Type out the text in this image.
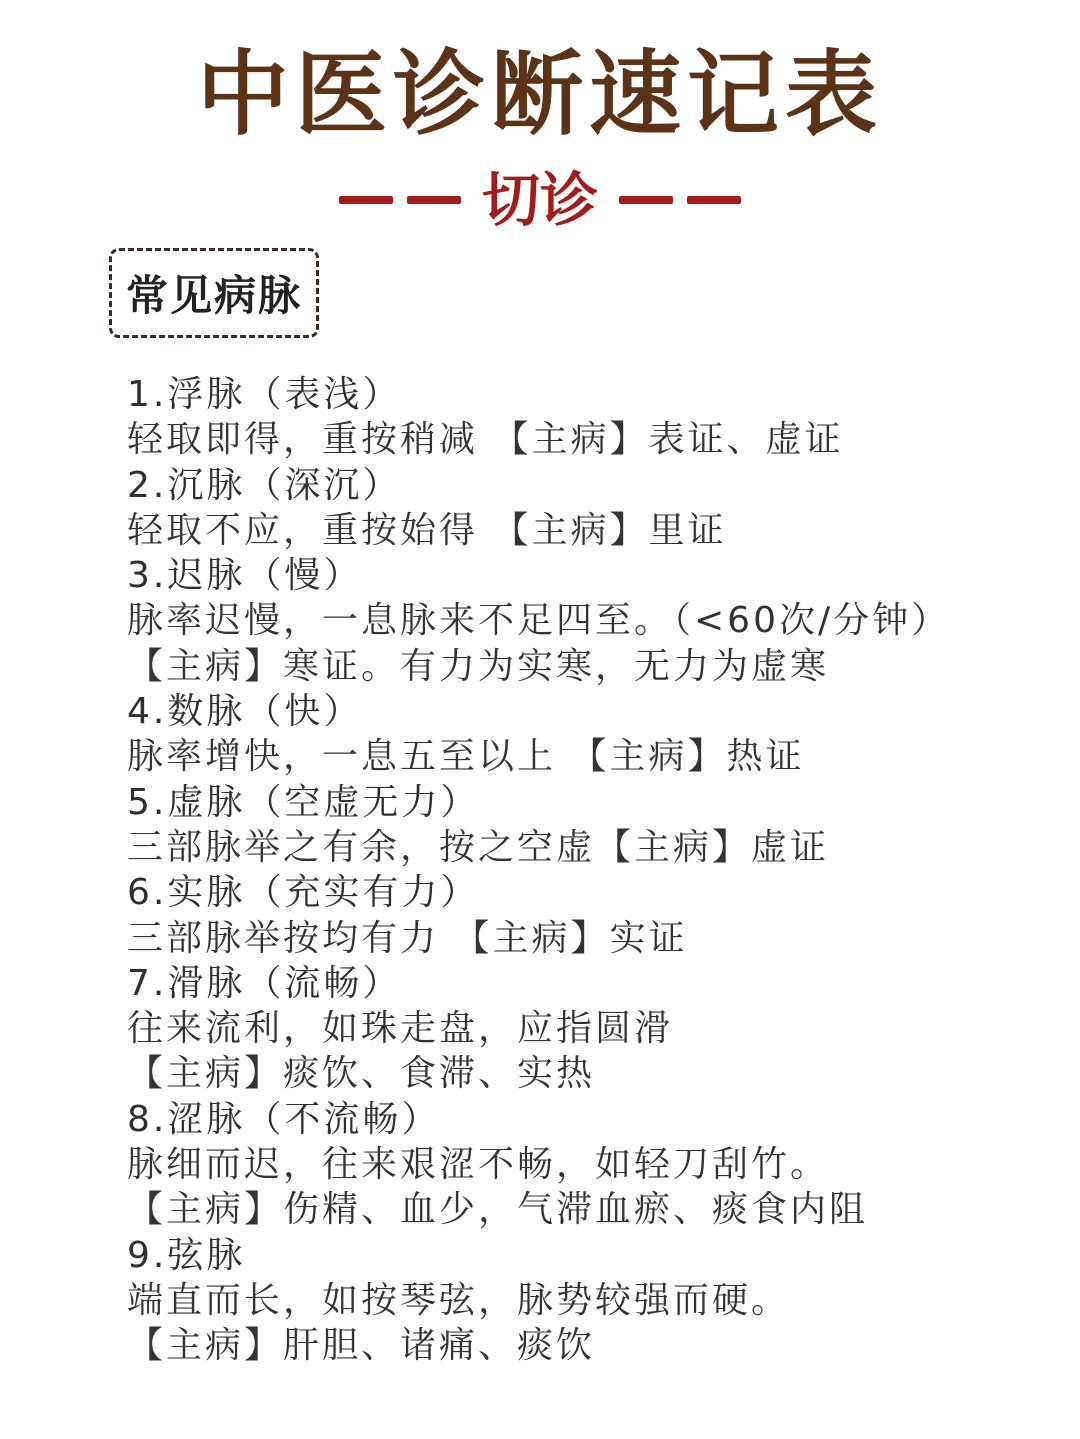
中医诊断速记表
切诊
常见病脉
1.浮脉（表浅）
轻取即得，重按稍减 【主病】表证、虚证
2.沉脉（深沉）
轻取不应，重按始得 【主病】里证
3.迟脉（慢）
脉率迟慢，一息脉来不足四至。（<60次/分钟）
【主病】寒证。有力为实寒，无力为虚寒
4.数脉（快）
脉率增快，一息五至以上 【主病】热证
5.虚脉（空虚无力）
三部脉举之有余，按之空虚【主病】虚证
6.实脉（充实有力）
三部脉举按均有力 【主病】实证
7.滑脉（流畅）
往来流利，如珠走盘，应指圆滑
【主病】痰饮、食滞、实热
8.涩脉（不流畅）
脉细而迟，往来艰涩不畅，如轻刀刮竹。
【主病】伤精、血少，气滞血瘀、痰食内阻
9.弦脉
端直而长，如按琴弦，脉势较强而硬。
【主病】肝胆、诸痛、痰饮
